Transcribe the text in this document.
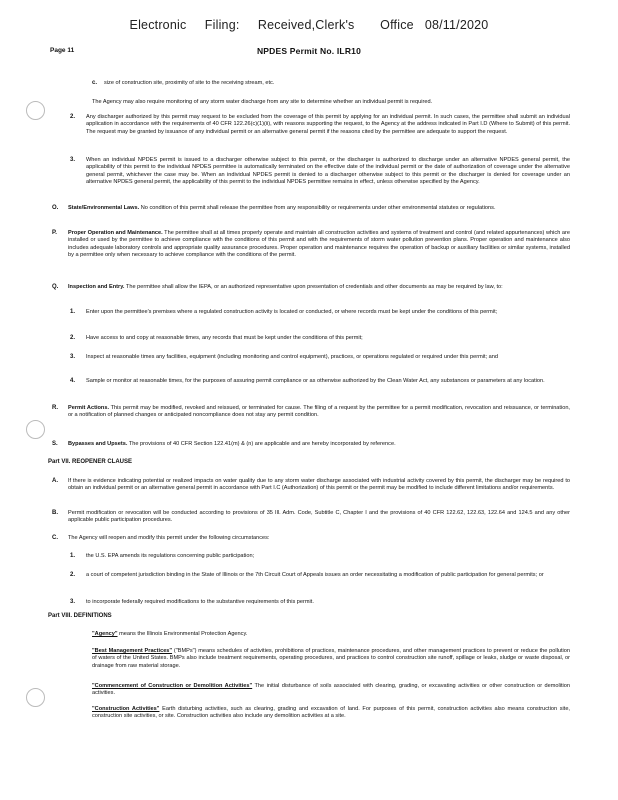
Electronic     Filing:     Received,Clerk's       Office   08/11/2020
Page 11	NPDES Permit No. ILR10
c. size of construction site, proximity of site to the receiving stream, etc.

The Agency may also require monitoring of any storm water discharge from any site to determine whether an individual permit is required.

2. Any discharger authorized by this permit may request to be excluded from the coverage of this permit by applying for an individual permit. In such cases, the permittee shall submit an individual application in accordance with the requirements of 40 CFR 122.26(c)(1)(ii), with reasons supporting the request, to the Agency at the address indicated in Part I.D (Where to Submit) of this permit. The request may be granted by issuance of any individual permit or an alternative general permit if the reasons cited by the permittee are adequate to support the request.

3. When an individual NPDES permit is issued to a discharger otherwise subject to this permit, or the discharger is authorized to discharge under an alternative NPDES general permit, the applicability of this permit to the individual NPDES permittee is automatically terminated on the effective date of the individual permit or the date of authorization of coverage under the alternative general permit, whichever the case may be. When an individual NPDES permit is denied to a discharger otherwise subject to this permit or the discharger is denied for coverage under an alternative NPDES general permit, the applicability of this permit to the individual NPDES permittee remains in effect, unless otherwise specified by the Agency.

O. State/Environmental Laws. No condition of this permit shall release the permittee from any responsibility or requirements under other environmental statutes or regulations.

P. Proper Operation and Maintenance. The permittee shall at all times properly operate and maintain all construction activities and systems of treatment and control (and related appurtenances) which are installed or used by the permittee to achieve compliance with the conditions of this permit and with the requirements of storm water pollution prevention plans. Proper operation and maintenance also includes adequate laboratory controls and appropriate quality assurance procedures. Proper operation and maintenance requires the operation of backup or auxiliary facilities or similar systems, installed by a permittee only when necessary to achieve compliance with the conditions of the permit.

Q. Inspection and Entry. The permittee shall allow the IEPA, or an authorized representative upon presentation of credentials and other documents as may be required by law, to:

1. Enter upon the permittee's premises where a regulated construction activity is located or conducted, or where records must be kept under the conditions of this permit;

2. Have access to and copy at reasonable times, any records that must be kept under the conditions of this permit;

3. Inspect at reasonable times any facilities, equipment (including monitoring and control equipment), practices, or operations regulated or required under this permit; and

4. Sample or monitor at reasonable times, for the purposes of assuring permit compliance or as otherwise authorized by the Clean Water Act, any substances or parameters at any location.

R. Permit Actions. This permit may be modified, revoked and reissued, or terminated for cause. The filing of a request by the permittee for a permit modification, revocation and reissuance, or termination, or a notification of planned changes or anticipated noncompliance does not stay any permit condition.

S. Bypasses and Upsets. The provisions of 40 CFR Section 122.41(m) & (n) are applicable and are hereby incorporated by reference.

Part VII. REOPENER CLAUSE
A. If there is evidence indicating potential or realized impacts on water quality due to any storm water discharge associated with industrial activity covered by this permit, the discharger may be required to obtain an individual permit or an alternative general permit in accordance with Part I.C (Authorization) of this permit or the permit may be modified to include different limitations and/or requirements.

B. Permit modification or revocation will be conducted according to provisions of 35 Ill. Adm. Code, Subtitle C, Chapter I and the provisions of 40 CFR 122.62, 122.63, 122.64 and 124.5 and any other applicable public participation procedures.

C. The Agency will reopen and modify this permit under the following circumstances:

1. the U.S. EPA amends its regulations concerning public participation;

2. a court of competent jurisdiction binding in the State of Illinois or the 7th Circuit Court of Appeals issues an order necessitating a modification of public participation for general permits; or

3. to incorporate federally required modifications to the substantive requirements of this permit.

Part VIII. DEFINITIONS

"Agency" means the Illinois Environmental Protection Agency.

"Best Management Practices" ("BMPs") means schedules of activities, prohibitions of practices, maintenance procedures, and other management practices to prevent or reduce the pollution of waters of the United States. BMPs also include treatment requirements, operating procedures, and practices to control construction site runoff, spillage or leaks, sludge or waste disposal, or drainage from raw material storage.

"Commencement of Construction or Demolition Activities" The initial disturbance of soils associated with clearing, grading, or excavating activities or other construction or demolition activities.

"Construction Activities" Earth disturbing activities, such as clearing, grading and excavation of land. For purposes of this permit, construction activities also means construction site, construction site activities, or site. Construction activities also include any demolition activities at a site.
